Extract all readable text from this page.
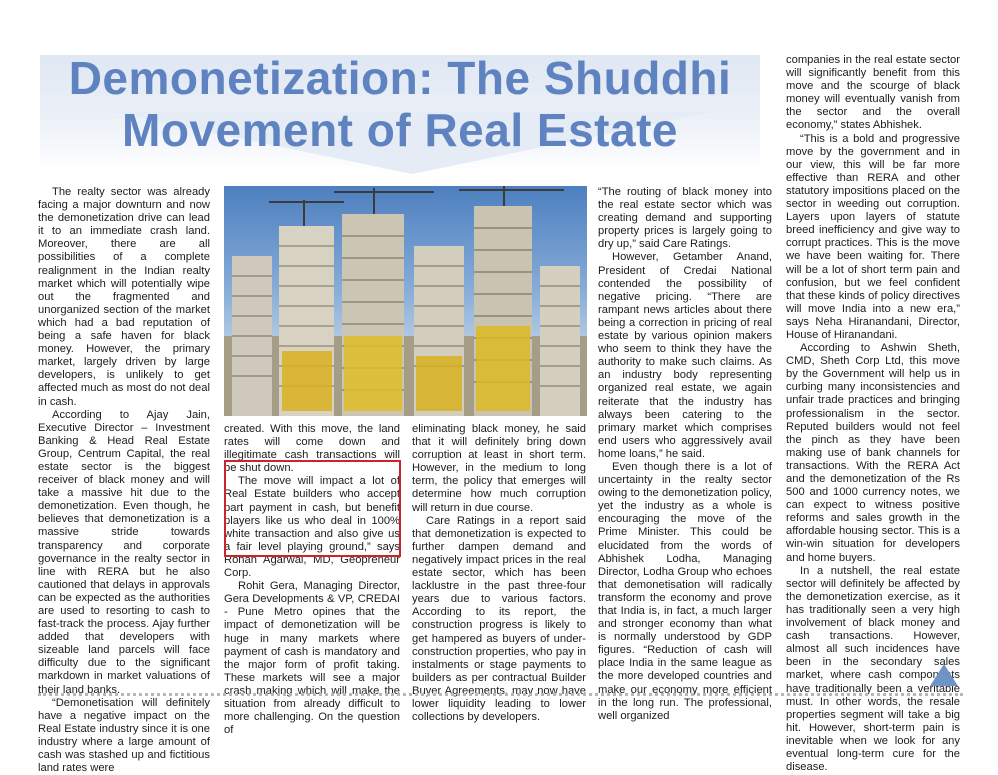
Demonetization: The Shuddhi
Movement of Real Estate

The realty sector was already facing a major downturn and now the demonetization drive can lead it to an immediate crash land. Moreover, there are all possibilities of a complete realignment in the Indian realty market which will potentially wipe out the fragmented and unorganized section of the market which had a bad reputation of being a safe haven for black money. However, the primary market, largely driven by large developers, is unlikely to get affected much as most do not deal in cash.

According to Ajay Jain, Executive Director – Investment Banking & Head Real Estate Group, Centrum Capital, the real estate sector is the biggest receiver of black money and will take a massive hit due to the demonetization. Even though, he believes that demonetization is a massive stride towards transparency and corporate governance in the realty sector in line with RERA but he also cautioned that delays in approvals can be expected as the authorities are used to resorting to cash to fast-track the process. Ajay further added that developers with sizeable land parcels will face difficulty due to the significant markdown in market valuations of their land banks.

“Demonetisation will definitely have a negative impact on the Real Estate industry since it is one industry where a large amount of cash was stashed up and fictitious land rates were

created. With this move, the land rates will come down and illegitimate cash transactions will be shut down.

The move will impact a lot of Real Estate builders who accept part payment in cash, but benefit players like us who deal in 100% white transaction and also give us a fair level playing ground,” says Rohan Agarwal, MD, Geopreneur Corp.

Rohit Gera, Managing Director, Gera Developments & VP, CREDAI - Pune Metro opines that the impact of demonetization will be huge in many markets where payment of cash is mandatory and the major form of profit taking. These markets will see a major crash making which will make the situation from already difficult to more challenging. On the question of

eliminating black money, he said that it will definitely bring down corruption at least in short term. However, in the medium to long term, the policy that emerges will determine how much corruption will return in due course.

Care Ratings in a report said that demonetization is expected to further dampen demand and negatively impact prices in the real estate sector, which has been lacklustre in the past three-four years due to various factors. According to its report, the construction progress is likely to get hampered as buyers of under-construction properties, who pay in instalments or stage payments to builders as per contractual Builder Buyer Agreements, may now have lower liquidity leading to lower collections by developers.

“The routing of black money into the real estate sector which was creating demand and supporting property prices is largely going to dry up,” said Care Ratings.

However, Getamber Anand, President of Credai National contended the possibility of negative pricing. “There are rampant news articles about there being a correction in pricing of real estate by various opinion makers who seem to think they have the authority to make such claims. As an industry body representing organized real estate, we again reiterate that the industry has always been catering to the primary market which comprises end users who aggressively avail home loans,” he said.

Even though there is a lot of uncertainty in the realty sector owing to the demonetization policy, yet the industry as a whole is encouraging the move of the Prime Minister. This could be elucidated from the words of Abhishek Lodha, Managing Director, Lodha Group who echoes that demonetisation will radically transform the economy and prove that India is, in fact, a much larger and stronger economy than what is normally understood by GDP figures. “Reduction of cash will place India in the same league as the more developed countries and make our economy more efficient in the long run. The professional, well organized

companies in the real estate sector will significantly benefit from this move and the scourge of black money will eventually vanish from the sector and the overall economy,” states Abhishek.

“This is a bold and progressive move by the government and in our view, this will be far more effective than RERA and other statutory impositions placed on the sector in weeding out corruption. Layers upon layers of statute breed inefficiency and give way to corrupt practices. This is the move we have been waiting for. There will be a lot of short term pain and confusion, but we feel confident that these kinds of policy directives will move India into a new era,” says Neha Hiranandani, Director, House of Hiranandani.

According to Ashwin Sheth, CMD, Sheth Corp Ltd, this move by the Government will help us in curbing many inconsistencies and unfair trade practices and bringing professionalism in the sector. Reputed builders would not feel the pinch as they have been making use of bank channels for transactions. With the RERA Act and the demonetization of the Rs 500 and 1000 currency notes, we can expect to witness positive reforms and sales growth in the affordable housing sector. This is a win-win situation for developers and home buyers.

In a nutshell, the real estate sector will definitely be affected by the demonetization exercise, as it has traditionally seen a very high involvement of black money and cash transactions. However, almost all such incidences have been in the secondary sales market, where cash components have traditionally been a veritable must. In other words, the resale properties segment will take a big hit. However, short-term pain is inevitable when we look for any eventual long-term cure for the disease.
